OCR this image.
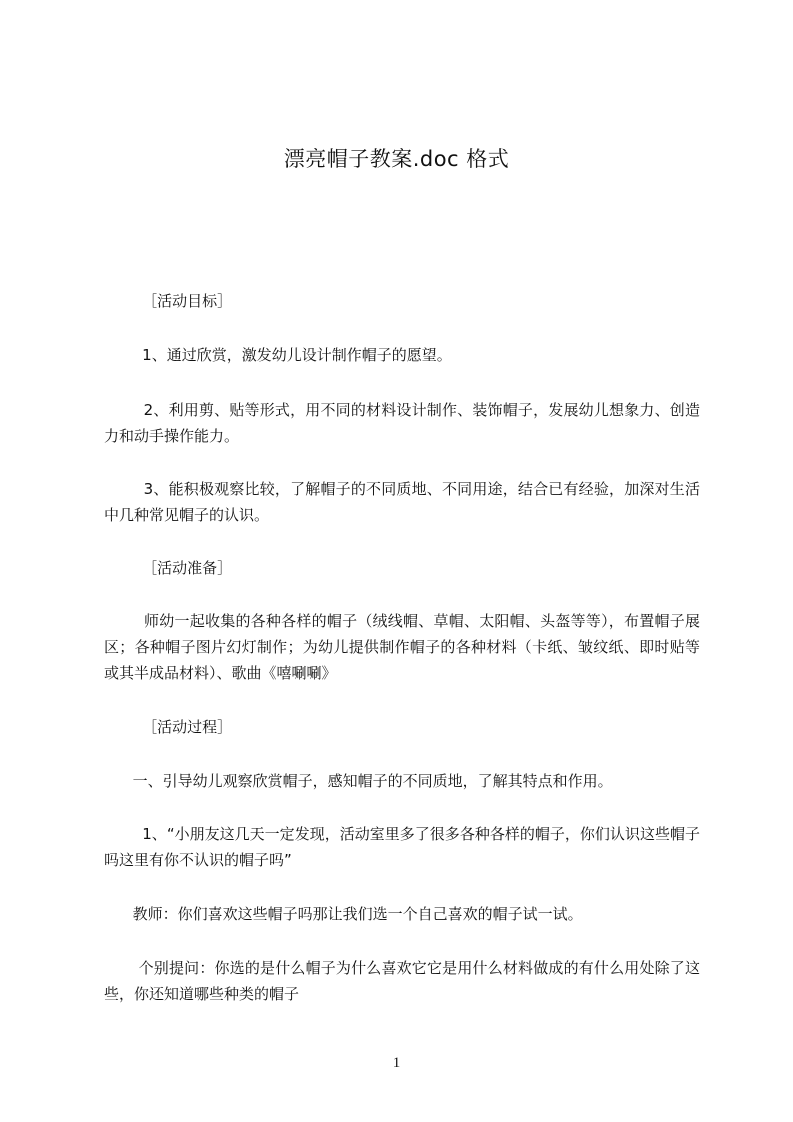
漂亮帽子教案.doc 格式
［活动目标］
1、通过欣赏，激发幼儿设计制作帽子的愿望。
2、利用剪、贴等形式，用不同的材料设计制作、装饰帽子，发展幼儿想象力、创造力和动手操作能力。
3、能积极观察比较，了解帽子的不同质地、不同用途，结合已有经验，加深对生活中几种常见帽子的认识。
［活动准备］
师幼一起收集的各种各样的帽子（绒线帽、草帽、太阳帽、头盔等等），布置帽子展区；各种帽子图片幻灯制作；为幼儿提供制作帽子的各种材料（卡纸、皱纹纸、即时贴等或其半成品材料）、歌曲《嘻唰唰》
［活动过程］
一、引导幼儿观察欣赏帽子，感知帽子的不同质地，了解其特点和作用。
1、“小朋友这几天一定发现，活动室里多了很多各种各样的帽子，你们认识这些帽子吗这里有你不认识的帽子吗”
教师：你们喜欢这些帽子吗那让我们选一个自己喜欢的帽子试一试。
个别提问：你选的是什么帽子为什么喜欢它它是用什么材料做成的有什么用处除了这些，你还知道哪些种类的帽子
1
